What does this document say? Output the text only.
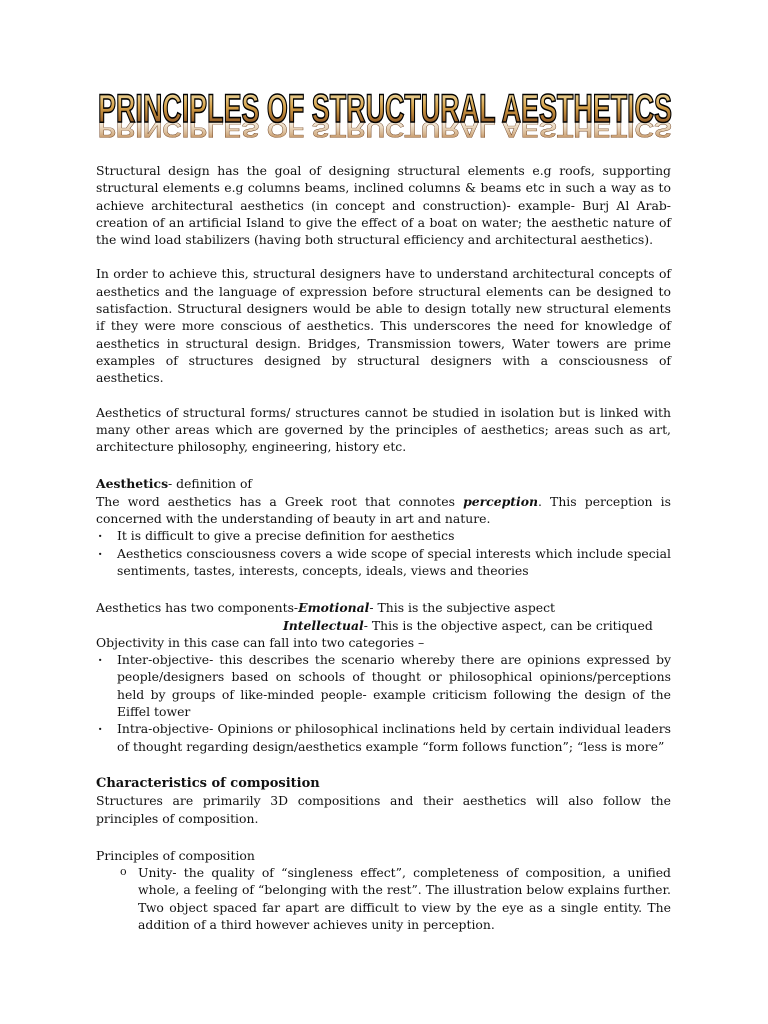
PRINCIPLES OF STRUCTURAL AESTHETICS
PRINCIPLES OF STRUCTURAL AESTHETICS

Structural design has the goal of designing structural elements e.g roofs, supporting structural elements e.g columns beams, inclined columns & beams etc in such a way as to achieve architectural aesthetics (in concept and construction)- example- Burj Al Arab-creation of an artificial Island to give the effect of a boat on water; the aesthetic nature of the wind load stabilizers (having both structural efficiency and architectural aesthetics).

In order to achieve this, structural designers have to understand architectural concepts of aesthetics and the language of expression before structural elements can be designed to satisfaction. Structural designers would be able to design totally new structural elements if they were more conscious of aesthetics. This underscores the need for knowledge of aesthetics in structural design. Bridges, Transmission towers, Water towers are prime examples of structures designed by structural designers with a consciousness of aesthetics.

Aesthetics of structural forms/ structures cannot be studied in isolation but is linked with many other areas which are governed by the principles of aesthetics; areas such as art, architecture philosophy, engineering, history etc.

Aesthetics- definition of

The word aesthetics has a Greek root that connotes perception. This perception is concerned with the understanding of beauty in art and nature.

· It is difficult to give a precise definition for aesthetics
· Aesthetics consciousness covers a wide scope of special interests which include special sentiments, tastes, interests, concepts, ideals, views and theories

Aesthetics has two components-Emotional- This is the subjective aspect

Intellectual- This is the objective aspect, can be critiqued

Objectivity in this case can fall into two categories –

· Inter-objective- this describes the scenario whereby there are opinions expressed by people/designers based on schools of thought or philosophical opinions/perceptions held by groups of like-minded people- example criticism following the design of the Eiffel tower
· Intra-objective- Opinions or philosophical inclinations held by certain individual leaders of thought regarding design/aesthetics example “form follows function”; “less is more”

Characteristics of composition

Structures are primarily 3D compositions and their aesthetics will also follow the principles of composition.

Principles of composition

o Unity- the quality of “singleness effect”, completeness of composition, a unified whole, a feeling of “belonging with the rest”. The illustration below explains further. Two object spaced far apart are difficult to view by the eye as a single entity. The addition of a third however achieves unity in perception.
